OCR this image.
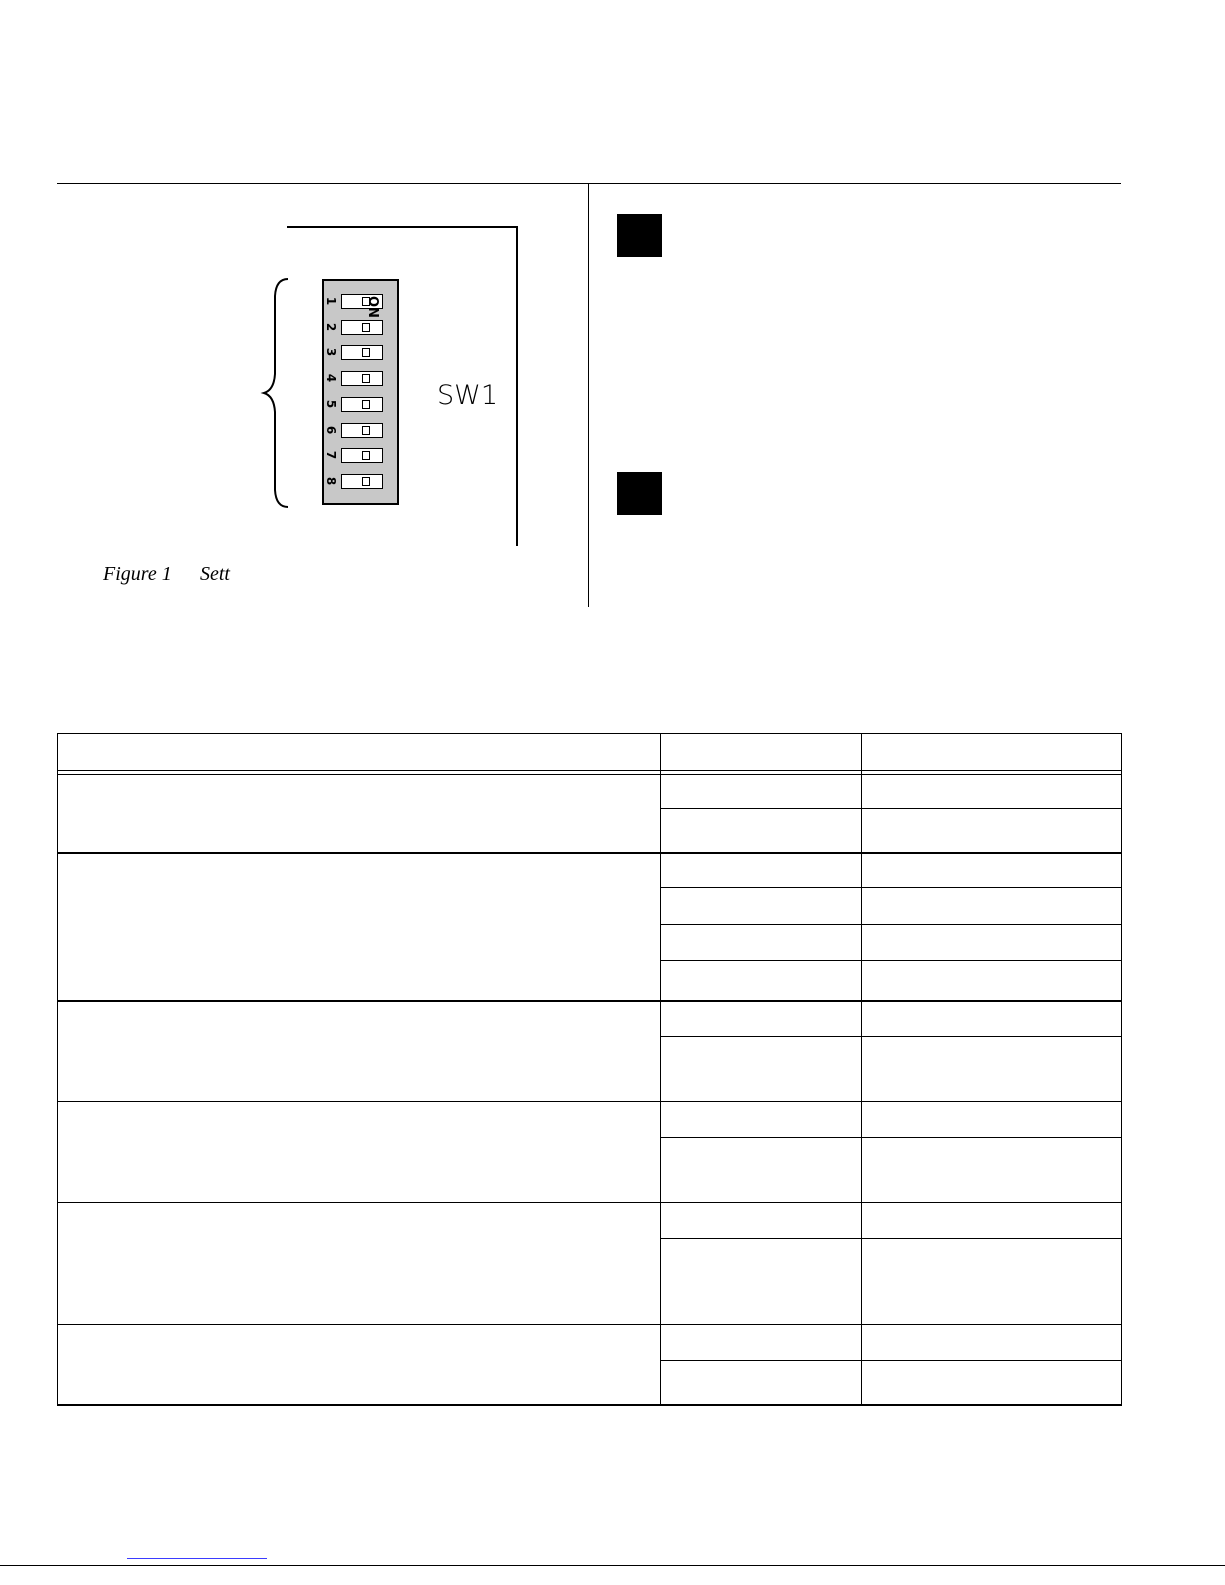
1
2
3
4
5
6
7
8
ON
SW1
Figure 1 Sett
